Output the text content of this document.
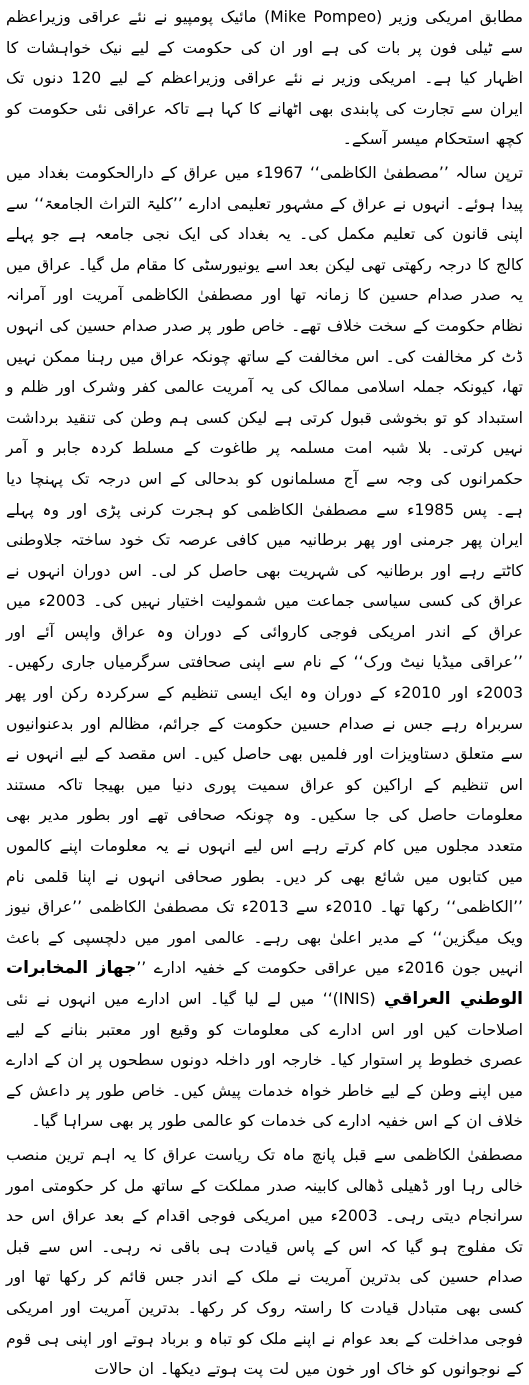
مطابق امریکی وزیر (Mike Pompeo) مائیک پومپیو نے نئے عراقی وزیراعظم سے ٹیلی فون پر بات کی ہے اور ان کی حکومت کے لیے نیک خواہشات کا اظہار کیا ہے۔ امریکی وزیر نے نئے عراقی وزیراعظم کے لیے 120 دنوں تک ایران سے تجارت کی پابندی بھی اٹھانے کا کہا ہے تاکہ عراقی نئی حکومت کو کچھ استحکام میسر آسکے۔

ترپن سالہ ’’مصطفیٰ الکاظمی‘‘ 1967ء میں عراق کے دارالحکومت بغداد میں پیدا ہوئے۔ انہوں نے عراق کے مشہور تعلیمی ادارے ’’کلیۃ التراث الجامعۃ‘‘ سے اپنی قانون کی تعلیم مکمل کی۔ یہ بغداد کی ایک نجی جامعہ ہے جو پہلے کالج کا درجہ رکھتی تھی لیکن بعد اسے یونیورسٹی کا مقام مل گیا۔ عراق میں یہ صدر صدام حسین کا زمانہ تھا اور مصطفیٰ الکاظمی آمریت اور آمرانہ نظام حکومت کے سخت خلاف تھے۔ خاص طور پر صدر صدام حسین کی انہوں ڈٹ کر مخالفت کی۔ اس مخالفت کے ساتھ چونکہ عراق میں رہنا ممکن نہیں تھا، کیونکہ جملہ اسلامی ممالک کی یہ آمریت عالمی کفر وشرک اور ظلم و استبداد کو تو بخوشی قبول کرتی ہے لیکن کسی ہم وطن کی تنقید برداشت نہیں کرتی۔ بلا شبہ امت مسلمہ پر طاغوت کے مسلط کردہ جابر و آمر حکمرانوں کی وجہ سے آج مسلمانوں کو بدحالی کے اس درجہ تک پہنچا دیا ہے۔ پس 1985ء سے مصطفیٰ الکاظمی کو ہجرت کرنی پڑی اور وہ پہلے ایران پھر جرمنی اور پھر برطانیہ میں کافی عرصہ تک خود ساختہ جلاوطنی کاٹتے رہے اور برطانیہ کی شہریت بھی حاصل کر لی۔ اس دوران انہوں نے عراق کی کسی سیاسی جماعت میں شمولیت اختیار نہیں کی۔ 2003ء میں عراق کے اندر امریکی فوجی کاروائی کے دوران وہ عراق واپس آئے اور ’’عراقی میڈیا نیٹ ورک‘‘ کے نام سے اپنی صحافتی سرگرمیاں جاری رکھیں۔ 2003ء اور 2010ء کے دوران وہ ایک ایسی تنظیم کے سرکردہ رکن اور پھر سربراہ رہے جس نے صدام حسین حکومت کے جرائم، مظالم اور بدعنوانیوں سے متعلق دستاویزات اور فلمیں بھی حاصل کیں۔ اس مقصد کے لیے انہوں نے اس تنظیم کے اراکین کو عراق سمیت پوری دنیا میں بھیجا تاکہ مستند معلومات حاصل کی جا سکیں۔ وہ چونکہ صحافی تھے اور بطور مدیر بھی متعدد مجلوں میں کام کرتے رہے اس لیے انہوں نے یہ معلومات اپنے کالموں میں کتابوں میں شائع بھی کر دیں۔ بطور صحافی انہوں نے اپنا قلمی نام ’’الکاظمی‘‘ رکھا تھا۔ 2010ء سے 2013ء تک مصطفیٰ الکاظمی ’’عراق نیوز ویک میگزین‘‘ کے مدیر اعلیٰ بھی رہے۔ عالمی امور میں دلچسپی کے باعث انہیں جون 2016ء میں عراقی حکومت کے خفیہ ادارے ’’جهاز المخابرات الوطني العراقي (INIS)‘‘ میں لے لیا گیا۔ اس ادارے میں انہوں نے نئی اصلاحات کیں اور اس ادارے کی معلومات کو وقیع اور معتبر بنانے کے لیے عصری خطوط پر استوار کیا۔ خارجہ اور داخلہ دونوں سطحوں پر ان کے ادارے میں اپنے وطن کے لیے خاطر خواہ خدمات پیش کیں۔ خاص طور پر داعش کے خلاف ان کے اس خفیہ ادارے کی خدمات کو عالمی طور پر بھی سراہا گیا۔

مصطفیٰ الکاظمی سے قبل پانچ ماہ تک ریاست عراق کا یہ اہم ترین منصب خالی رہا اور ڈھیلی ڈھالی کابینہ صدر مملکت کے ساتھ مل کر حکومتی امور سرانجام دیتی رہی۔ 2003ء میں امریکی فوجی اقدام کے بعد عراق اس حد تک مفلوج ہو گیا کہ اس کے پاس قیادت ہی باقی نہ رہی۔ اس سے قبل صدام حسین کی بدترین آمریت نے ملک کے اندر جس قائم کر رکھا تھا اور کسی بھی متبادل قیادت کا راستہ روک کر رکھا۔ بدترین آمریت اور امریکی فوجی مداخلت کے بعد عوام نے اپنے ملک کو تباہ و برباد ہوتے اور اپنی ہی قوم کے نوجوانوں کو خاک اور خون میں لت پت ہوتے دیکھا۔ ان حالات
